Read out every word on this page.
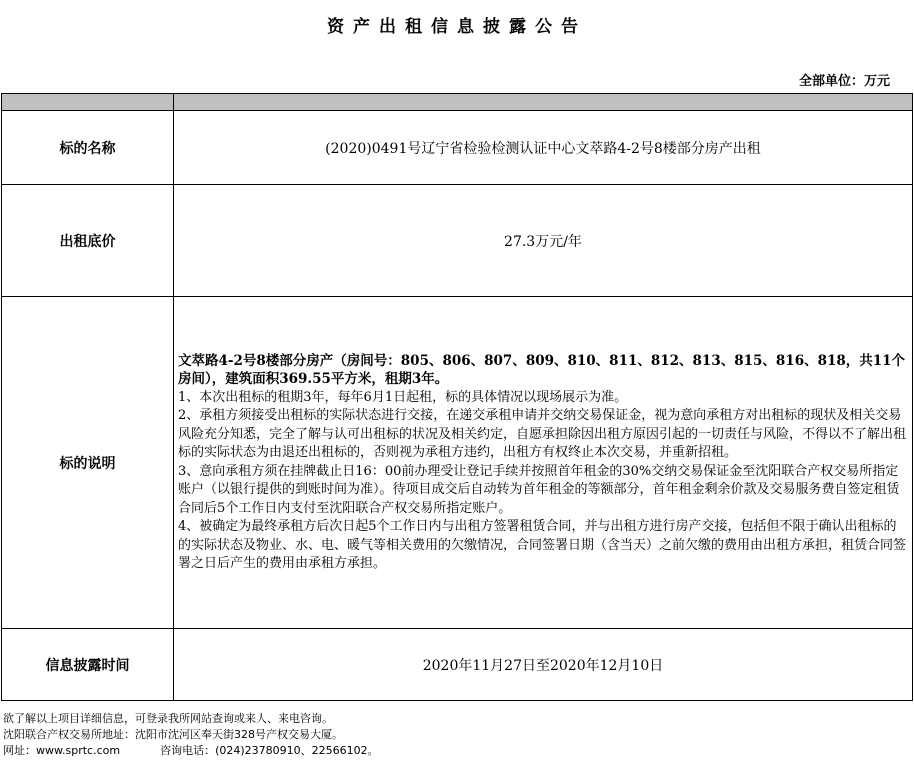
资产出租信息披露公告
全部单位：万元

标的名称	(2020)0491号辽宁省检验检测认证中心文萃路4-2号8楼部分房产出租
出租底价	27.3万元/年
标的说明	文萃路4-2号8楼部分房产（房间号：805、806、807、809、810、811、812、813、815、816、818，共11个房间），建筑面积369.55平方米，租期3年。

1、本次出租标的租期3年，每年6月1日起租，标的具体情况以现场展示为准。

2、承租方须接受出租标的实际状态进行交接，在递交承租申请并交纳交易保证金，视为意向承租方对出租标的现状及相关交易风险充分知悉，完全了解与认可出租标的状况及相关约定，自愿承担除因出租方原因引起的一切责任与风险，不得以不了解出租标的实际状态为由退还出租标的，否则视为承租方违约，出租方有权终止本次交易，并重新招租。

3、意向承租方须在挂牌截止日16：00前办理受让登记手续并按照首年租金的30%交纳交易保证金至沈阳联合产权交易所指定账户（以银行提供的到账时间为准）。待项目成交后自动转为首年租金的等额部分，首年租金剩余价款及交易服务费自签定租赁合同后5个工作日内支付至沈阳联合产权交易所指定账户。

4、被确定为最终承租方后次日起5个工作日内与出租方签署租赁合同，并与出租方进行房产交接，包括但不限于确认出租标的的实际状态及物业、水、电、暖气等相关费用的欠缴情况，合同签署日期（含当天）之前欠缴的费用由出租方承担，租赁合同签署之日后产生的费用由承租方承担。

信息披露时间	2020年11月27日至2020年12月10日
欲了解以上项目详细信息，可登录我所网站查询或来人、来电咨询。
沈阳联合产权交易所地址：沈阳市沈河区奉天街328号产权交易大厦。
网址：www.sprtc.com	咨询电话：(024)23780910、22566102。
